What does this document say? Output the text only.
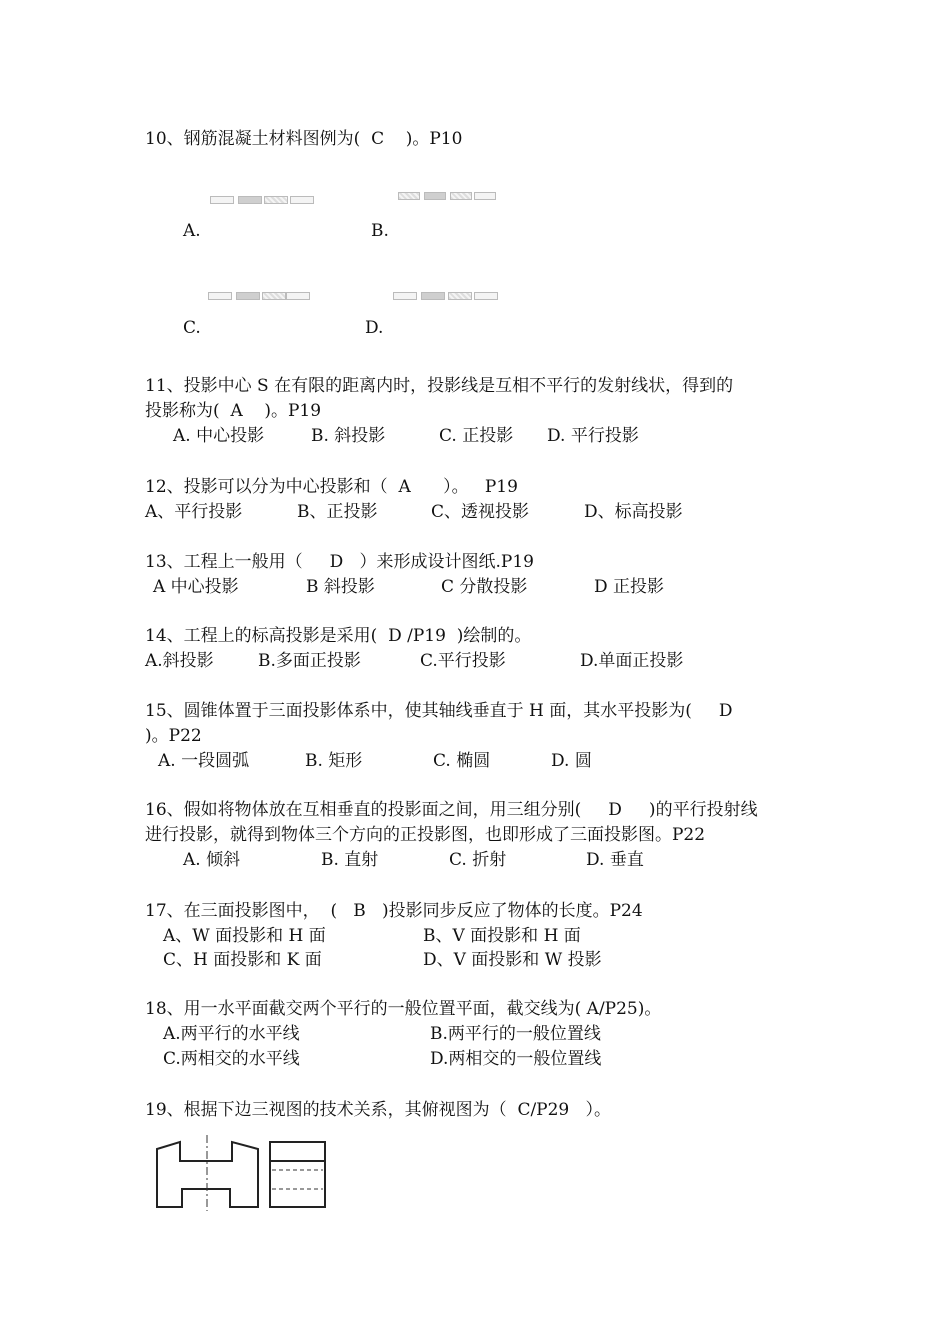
10、钢筋混凝土材料图例为(  C    )。P10
A.	B.
C.	D.
11、投影中心 S 在有限的距离内时，投影线是互相不平行的发射线状，得到的
投影称为(  A    )。P19
A. 中心投影	B. 斜投影	C. 正投影 D. 平行投影
12、投影可以分为中心投影和（  A      ）。   P19
A、平行投影	B、正投影	C、透视投影	D、标高投影
13、工程上一般用（     D   ）来形成设计图纸.P19
A 中心投影	B 斜投影	C 分散投影	D 正投影
14、工程上的标高投影是采用(  D /P19  )绘制的。
A.斜投影	B.多面正投影	C.平行投影	D.单面正投影
15、圆锥体置于三面投影体系中，使其轴线垂直于 H 面，其水平投影为(     D
)。P22
A. 一段圆弧	B. 矩形	C. 椭圆	D. 圆
16、假如将物体放在互相垂直的投影面之间，用三组分别(     D     )的平行投射线
进行投影，就得到物体三个方向的正投影图，也即形成了三面投影图。P22
A. 倾斜	B. 直射	C. 折射	D. 垂直
17、在三面投影图中，  (   B   )投影同步反应了物体的长度。P24
A、W 面投影和 H 面	B、V 面投影和 H 面
C、H 面投影和 K 面	D、V 面投影和 W 投影
18、用一水平面截交两个平行的一般位置平面，截交线为( A/P25)。
A.两平行的水平线	B.两平行的一般位置线
C.两相交的水平线	D.两相交的一般位置线
19、根据下边三视图的技术关系，其俯视图为（  C/P29   ）。
